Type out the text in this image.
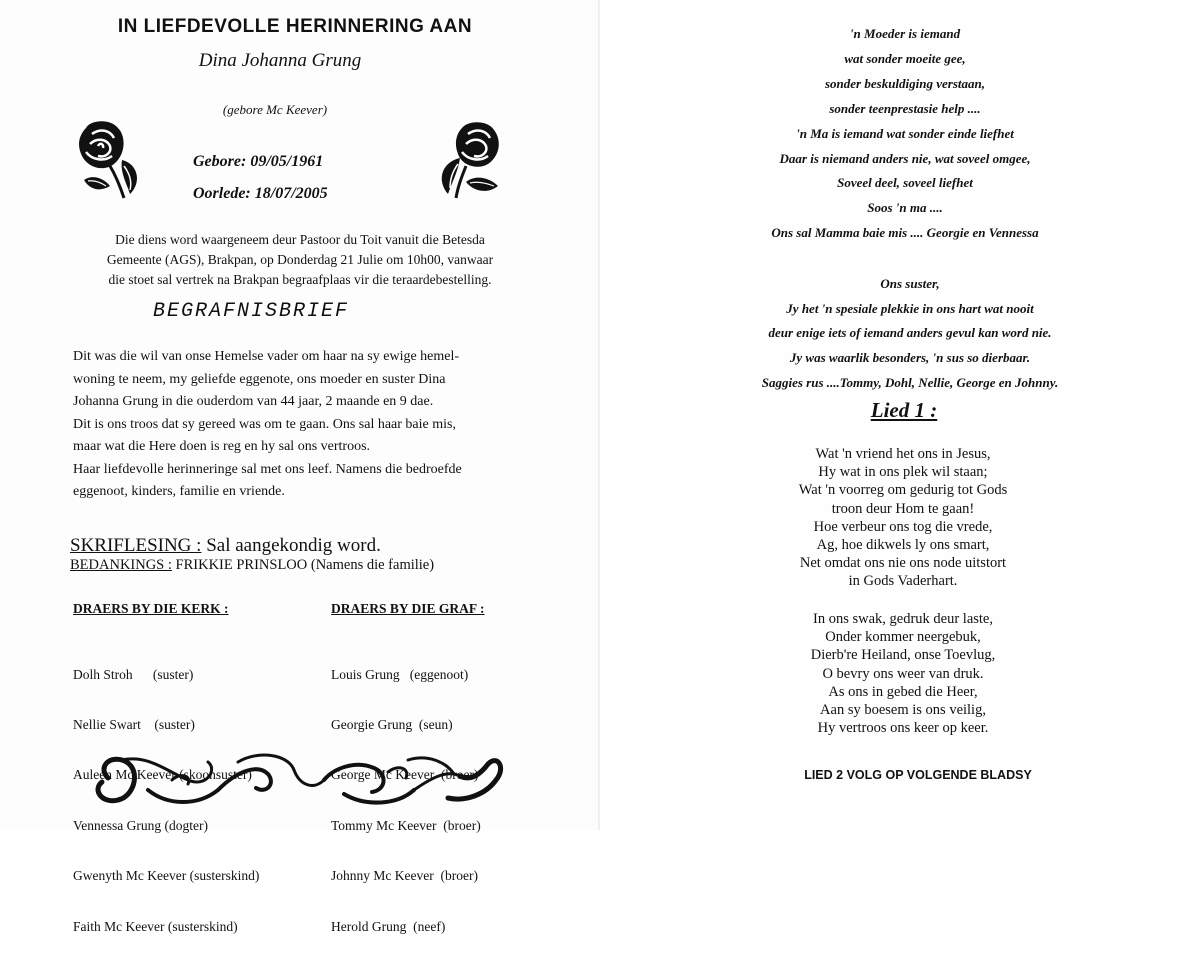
IN LIEFDEVOLLE HERINNERING AAN
Dina Johanna Grung
(gebore Mc Keever)
Gebore: 09/05/1961
Oorlede: 18/07/2005
Die diens word waargeneem deur Pastoor du Toit vanuit die Betesda
Gemeente (AGS), Brakpan, op Donderdag 21 Julie om 10h00, vanwaar
die stoet sal vertrek na Brakpan begraafplaas vir die teraardebestelling.
BEGRAFNISBRIEF
Dit was die wil van onse Hemelse vader om haar na sy ewige hemel-
woning te neem, my geliefde eggenote, ons moeder en suster Dina
Johanna Grung in die ouderdom van 44 jaar, 2 maande en 9 dae.
Dit is ons troos dat sy gereed was om te gaan. Ons sal haar baie mis,
maar wat die Here doen is reg en hy sal ons vertroos.
Haar liefdevolle herinneringe sal met ons leef. Namens die bedroefde
eggenoot, kinders, familie en vriende.
SKRIFLESING : Sal aangekondig word.
BEDANKINGS : FRIKKIE PRINSLOO (Namens die familie)
DRAERS BY DIE KERK :

Dolh Stroh      (suster)

Nellie Swart    (suster)

Auleen Mc Keever (skoonsuster)

Vennessa Grung (dogter)

Gwenyth Mc Keever (susterskind)

Faith Mc Keever (susterskind)

DRAERS BY DIE GRAF :

Louis Grung   (eggenoot)

Georgie Grung  (seun)

George Mc Keever  (broer)

Tommy Mc Keever  (broer)

Johnny Mc Keever  (broer)

Herold Grung  (neef)

'n Moeder is iemand
wat sonder moeite gee,
sonder beskuldiging verstaan,
sonder teenprestasie help ....
'n Ma is iemand wat sonder einde liefhet
Daar is niemand anders nie, wat soveel omgee,
Soveel deel, soveel liefhet
Soos 'n ma ....
Ons sal Mamma baie mis .... Georgie en Vennessa
Ons suster,
Jy het 'n spesiale plekkie in ons hart wat nooit
deur enige iets of iemand anders gevul kan word nie.
Jy was waarlik besonders, 'n sus so dierbaar.
Saggies rus ....Tommy, Dohl, Nellie, George en Johnny.
Lied 1 :
Wat 'n vriend het ons in Jesus,
Hy wat in ons plek wil staan;
Wat 'n voorreg om gedurig tot Gods
troon deur Hom te gaan!
Hoe verbeur ons tog die vrede,
Ag, hoe dikwels ly ons smart,
Net omdat ons nie ons node uitstort
in Gods Vaderhart.
In ons swak, gedruk deur laste,
Onder kommer neergebuk,
Dierb're Heiland, onse Toevlug,
O bevry ons weer van druk.
As ons in gebed die Heer,
Aan sy boesem is ons veilig,
Hy vertroos ons keer op keer.
LIED 2 VOLG OP VOLGENDE BLADSY
